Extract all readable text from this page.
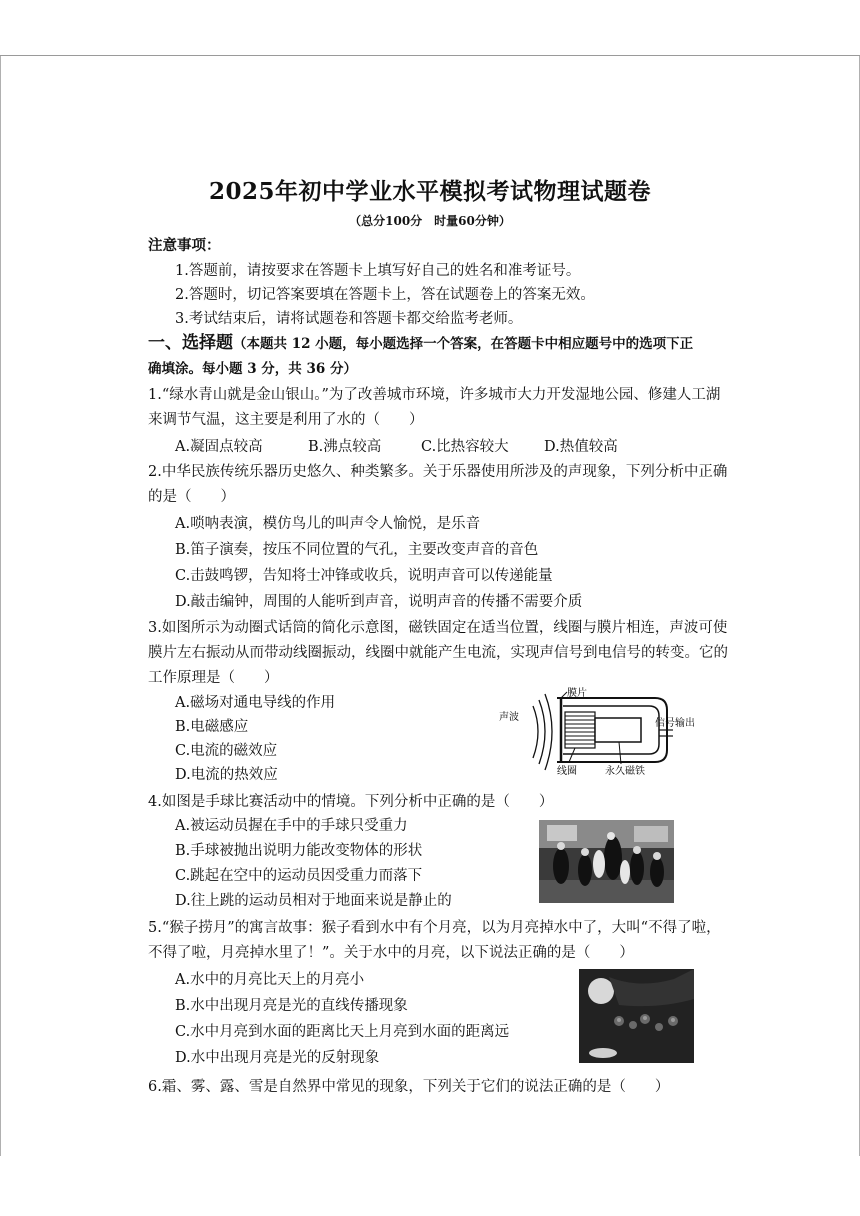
2025年初中学业水平模拟考试物理试题卷
（总分100分　时量60分钟）
注意事项：
1.答题前，请按要求在答题卡上填写好自己的姓名和准考证号。
2.答题时，切记答案要填在答题卡上，答在试题卷上的答案无效。
3.考试结束后，请将试题卷和答题卡都交给监考老师。
一、选择题（本题共 12 小题，每小题选择一个答案，在答题卡中相应题号中的选项下正
确填涂。每小题 3 分，共 36 分）
1.“绿水青山就是金山银山。”为了改善城市环境，许多城市大力开发湿地公园、修建人工湖
来调节气温，这主要是利用了水的（　　）
A.凝固点较高	B.沸点较高	C.比热容较大 D.热值较高
2.中华民族传统乐器历史悠久、种类繁多。关于乐器使用所涉及的声现象，下列分析中正确
的是（　　）
A.唢呐表演，模仿鸟儿的叫声令人愉悦，是乐音
B.笛子演奏，按压不同位置的气孔，主要改变声音的音色
C.击鼓鸣锣，告知将士冲锋或收兵，说明声音可以传递能量
D.敲击编钟，周围的人能听到声音，说明声音的传播不需要介质
3.如图所示为动圈式话筒的简化示意图，磁铁固定在适当位置，线圈与膜片相连，声波可使
膜片左右振动从而带动线圈振动，线圈中就能产生电流，实现声信号到电信号的转变。它的
工作原理是（　　）
A.磁场对通电导线的作用
B.电磁感应
C.电流的磁效应
D.电流的热效应
声波
信号输出
膜片
线圈	永久磁铁
4.如图是手球比赛活动中的情境。下列分析中正确的是（　　）
A.被运动员握在手中的手球只受重力
B.手球被抛出说明力能改变物体的形状
C.跳起在空中的运动员因受重力而落下
D.往上跳的运动员相对于地面来说是静止的
5.“猴子捞月”的寓言故事：猴子看到水中有个月亮，以为月亮掉水中了，大叫“不得了啦，
不得了啦，月亮掉水里了！”。关于水中的月亮，以下说法正确的是（　　）
A.水中的月亮比天上的月亮小
B.水中出现月亮是光的直线传播现象
C.水中月亮到水面的距离比天上月亮到水面的距离远
D.水中出现月亮是光的反射现象
6.霜、雾、露、雪是自然界中常见的现象，下列关于它们的说法正确的是（　　）
